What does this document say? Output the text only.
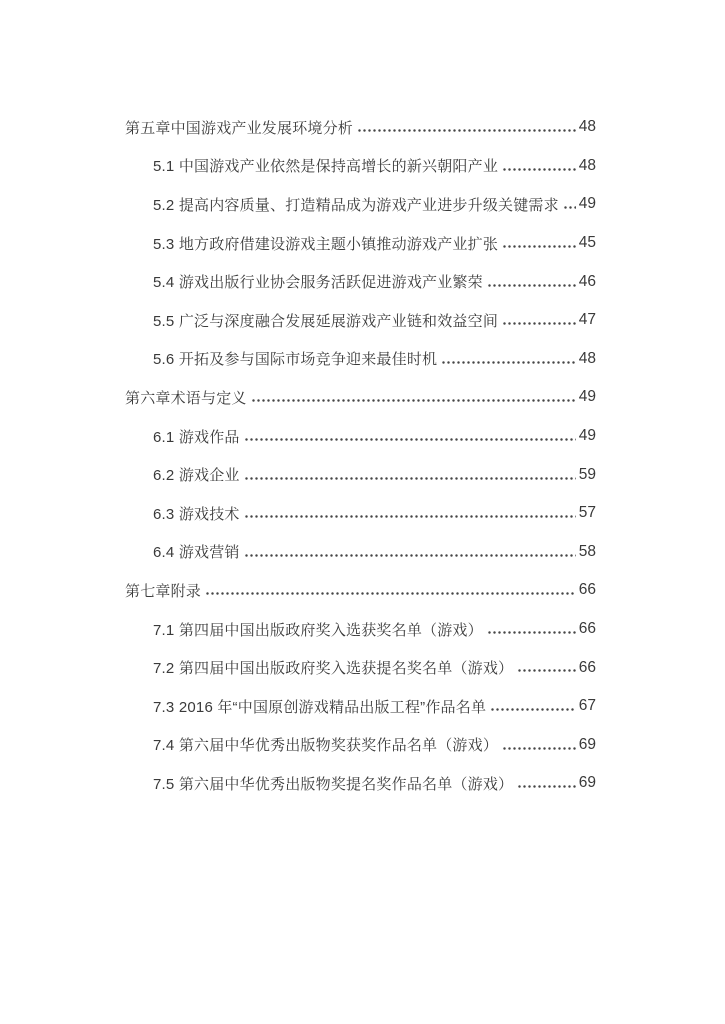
第五章中国游戏产业发展环境分析	48
5.1 中国游戏产业依然是保持高增长的新兴朝阳产业	48
5.2 提高内容质量、打造精品成为游戏产业进步升级关键需求 49
5.3 地方政府借建设游戏主题小镇推动游戏产业扩张	45
5.4 游戏出版行业协会服务活跃促进游戏产业繁荣	46
5.5 广泛与深度融合发展延展游戏产业链和效益空间	47
5.6 开拓及参与国际市场竞争迎来最佳时机	48
第六章术语与定义	49
6.1 游戏作品	49
6.2 游戏企业	59
6.3 游戏技术	57
6.4 游戏营销	58
第七章附录	66
7.1 第四届中国出版政府奖入选获奖名单（游戏）	66
7.2 第四届中国出版政府奖入选获提名奖名单（游戏）	66
7.3 2016 年“中国原创游戏精品出版工程”作品名单	67
7.4 第六届中华优秀出版物奖获奖作品名单（游戏）	69
7.5 第六届中华优秀出版物奖提名奖作品名单（游戏）	69
